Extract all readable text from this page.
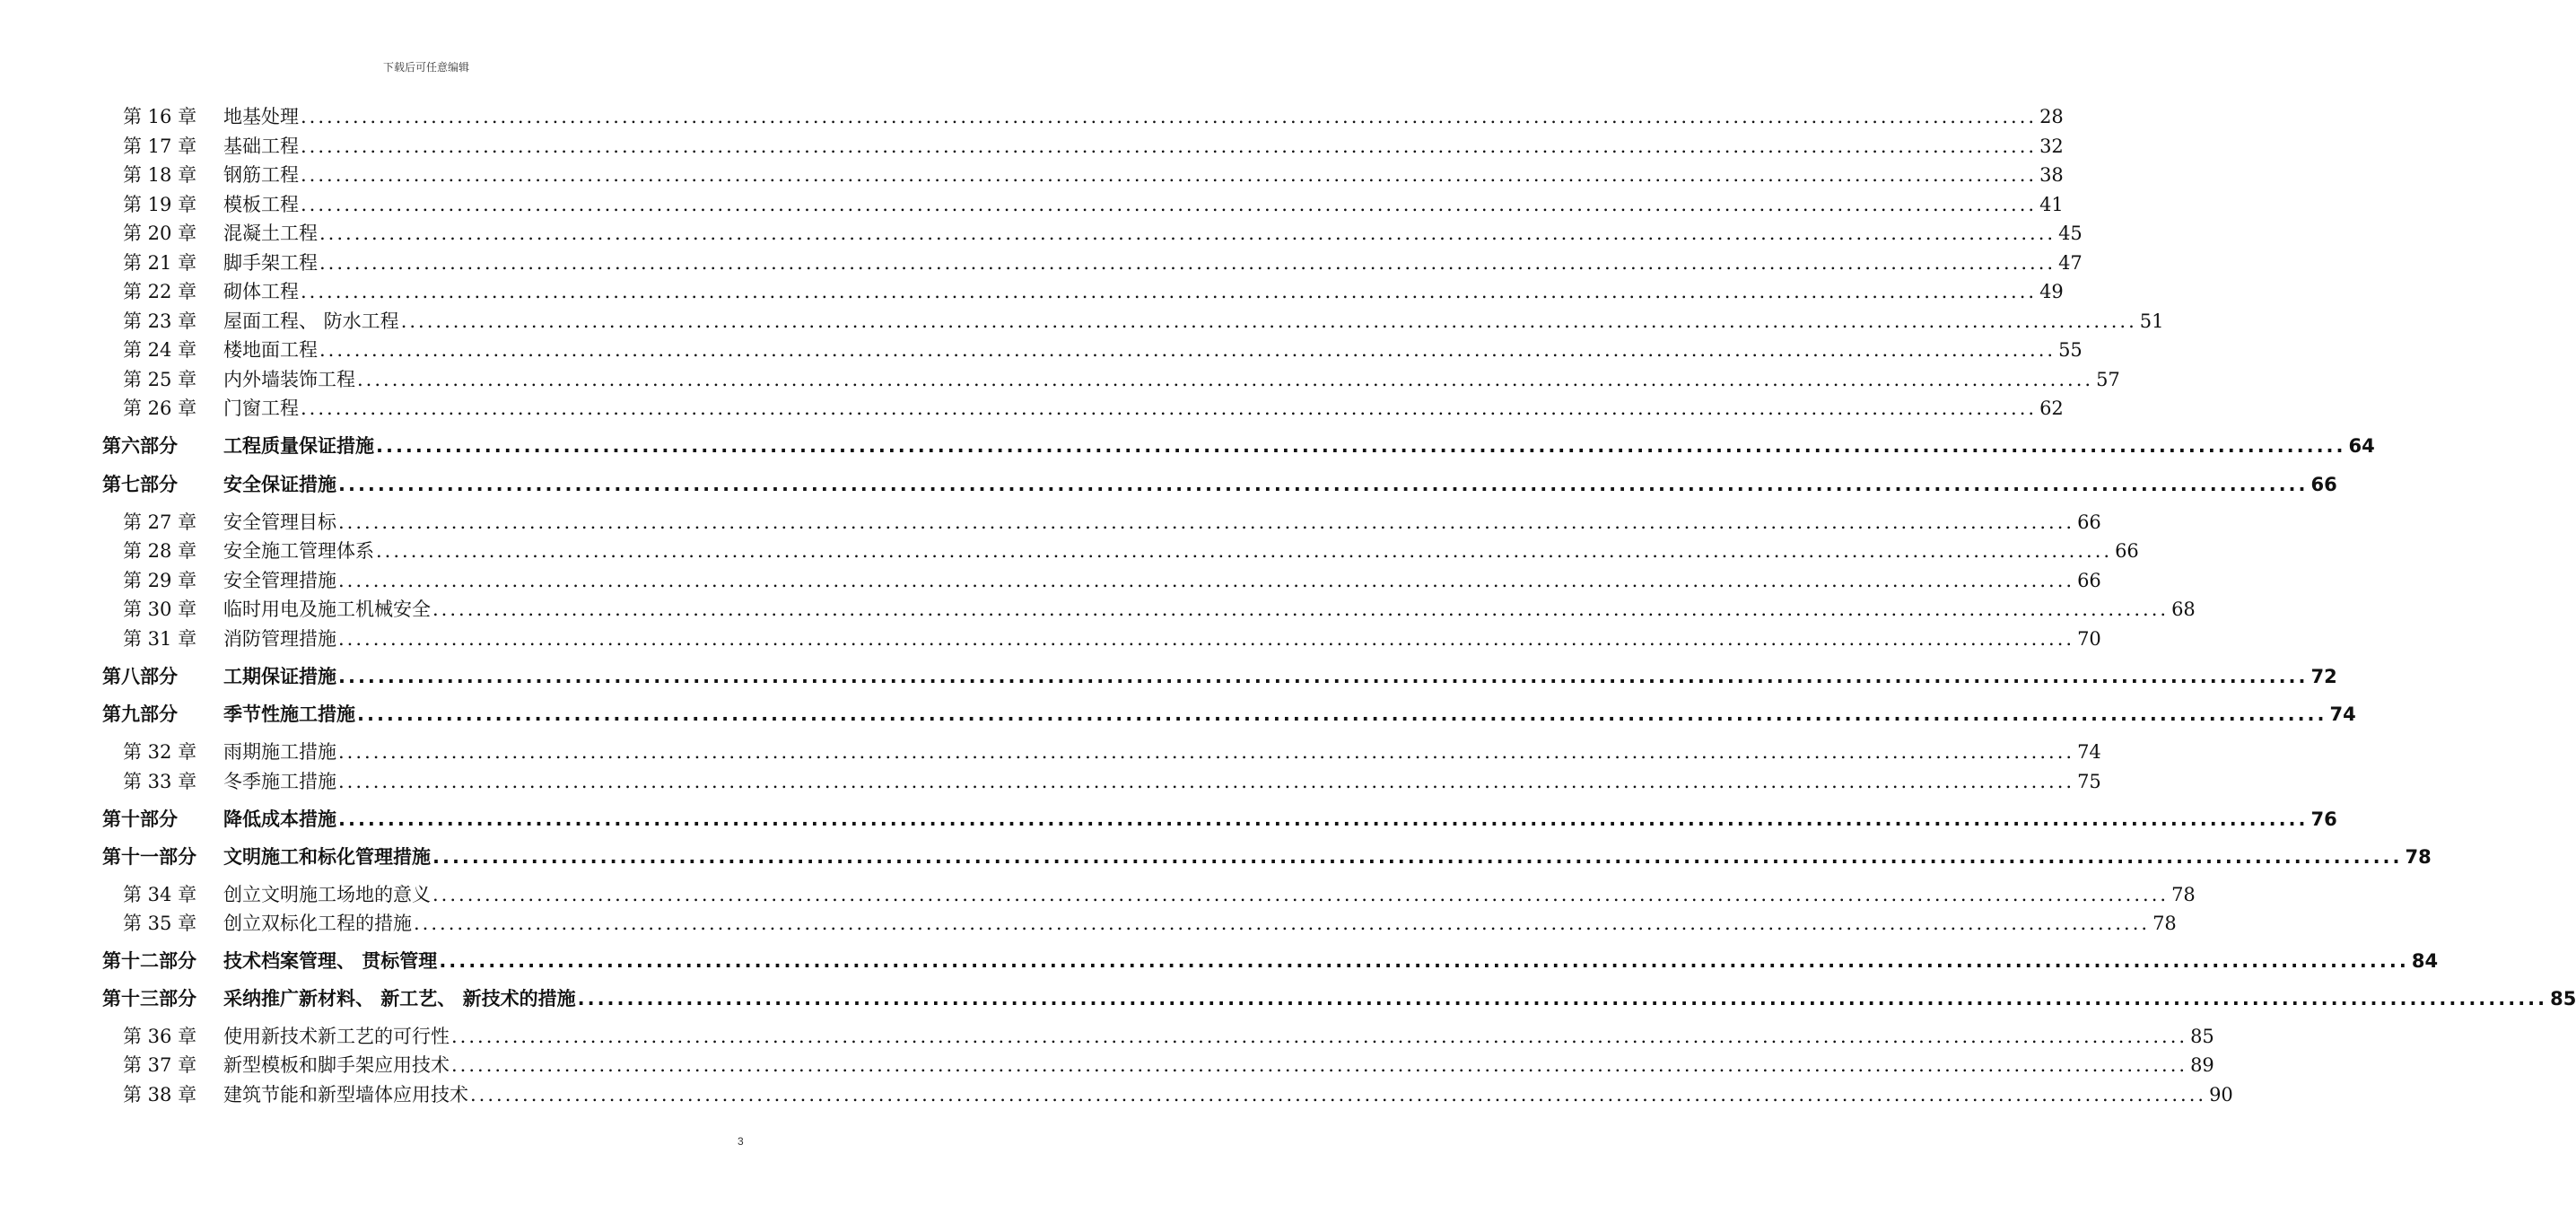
下载后可任意编辑
第 16 章 地基处理 ........................................................................................................................................................................................................ 28
第 17 章 基础工程 ........................................................................................................................................................................................................ 32
第 18 章 钢筋工程 ........................................................................................................................................................................................................ 38
第 19 章 模板工程 ........................................................................................................................................................................................................ 41
第 20 章 混凝土工程 ........................................................................................................................................................................................................ 45
第 21 章 脚手架工程 ........................................................................................................................................................................................................ 47
第 22 章 砌体工程 ........................................................................................................................................................................................................ 49
第 23 章 屋面工程、 防水工程 ........................................................................................................................................................................................................ 51
第 24 章 楼地面工程 ........................................................................................................................................................................................................ 55
第 25 章 内外墙装饰工程 ........................................................................................................................................................................................................ 57
第 26 章 门窗工程 ........................................................................................................................................................................................................ 62
第六部分 工程质量保证措施 ........................................................................................................................................................................................................ 64
第七部分 安全保证措施 ........................................................................................................................................................................................................ 66
第 27 章 安全管理目标 ........................................................................................................................................................................................................ 66
第 28 章 安全施工管理体系 ........................................................................................................................................................................................................ 66
第 29 章 安全管理措施 ........................................................................................................................................................................................................ 66
第 30 章 临时用电及施工机械安全 ........................................................................................................................................................................................................ 68
第 31 章 消防管理措施 ........................................................................................................................................................................................................ 70
第八部分 工期保证措施 ........................................................................................................................................................................................................ 72
第九部分 季节性施工措施 ........................................................................................................................................................................................................ 74
第 32 章 雨期施工措施 ........................................................................................................................................................................................................ 74
第 33 章 冬季施工措施 ........................................................................................................................................................................................................ 75
第十部分 降低成本措施 ........................................................................................................................................................................................................ 76
第十一部分 文明施工和标化管理措施 ........................................................................................................................................................................................................ 78
第 34 章 创立文明施工场地的意义 ........................................................................................................................................................................................................ 78
第 35 章 创立双标化工程的措施 ........................................................................................................................................................................................................ 78
第十二部分 技术档案管理、 贯标管理 ........................................................................................................................................................................................................ 84
第十三部分 采纳推广新材料、 新工艺、 新技术的措施 ........................................................................................................................................................................................................ 85
第 36 章 使用新技术新工艺的可行性 ........................................................................................................................................................................................................ 85
第 37 章 新型模板和脚手架应用技术 ........................................................................................................................................................................................................ 89
第 38 章 建筑节能和新型墙体应用技术 ........................................................................................................................................................................................................ 90
3
